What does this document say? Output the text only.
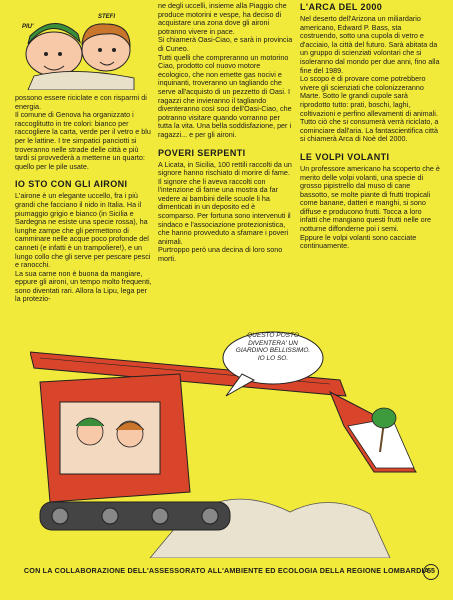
PIU'
STEFI

possono essere riciclate e con risparmi di energia.

Il comune di Genova ha organizzato i raccoglitutto in tre colori: bianco per raccogliere la carta, verde per il vetro e blu per le lattine. I tre simpatici panciotti si troveranno nelle strade delle città e più tardi si provvederà a metterne un quarto: quello per le pile usate.

IO STO CON GLI AIRONI

L'airone è un elegante uccello, fra i più grandi che facciano il nido in Italia. Ha il piumaggio grigio e bianco (in Sicilia e Sardegna ne esiste una specie rossa), ha lunghe zampe che gli permettono di camminare nelle acque poco profonde del canneti (e infatti è un trampoliere!), e un lungo collo che gli serve per pescare pesci e ranocchi.

La sua carne non è buona da mangiare, eppure gli aironi, un tempo molto frequenti, sono diventati rari. Allora la Lipu, lega per la protezio-

ne degli uccelli, insieme alla Piaggio che produce motorini e vespe, ha deciso di acquistare una zona dove gli aironi potranno vivere in pace.

Si chiamerà Oasi-Ciao, e sarà in provincia di Cuneo.

Tutti quelli che compreranno un motorino Ciao, prodotto col nuovo motore ecologico, che non emette gas nocivi e inquinanti, troveranno un tagliando che serve all'acquisto di un pezzetto di Oasi. I ragazzi che invieranno il tagliando diventeranno così soci dell'Oasi-Ciao, che potranno visitare quando vorranno per tutta la vita. Una bella soddisfazione, per i ragazzi... e per gli aironi.

POVERI SERPENTI

A Licata, in Sicilia, 100 rettili raccolti da un signore hanno rischiato di morire di fame. Il signore che li aveva raccolti con l'intenzione di farne una mostra da far vedere ai bambini delle scuole li ha dimenticati in un deposito ed è scomparso. Per fortuna sono intervenuti il sindaco e l'associazione protezionistica, che hanno provveduto a sfamare i poveri animali.

Purtroppo però una decina di loro sono morti.

L'ARCA DEL 2000

Nel deserto dell'Arizona un miliardario americano, Edward P. Bass, sta costruendo, sotto una cupola di vetro e d'acciaio, la città del futuro. Sarà abitata da un gruppo di scienziati volontari che si isoleranno dal mondo per due anni, fino alla fine del 1989.

Lo scopo è di provare come potrebbero vivere gli scienziati che colonizzeranno Marte. Sotto le grandi cupole sarà riprodotto tutto: prati, boschi, laghi, coltivazioni e perfino allevamenti di animali.

Tutto ciò che si consumerà verrà riciclato, a cominciare dall'aria. La fantascientifica città si chiamerà Arca di Noè del 2000.

LE VOLPI VOLANTI

Un professore americano ha scoperto che è merito delle volpi volanti, una specie di grosso pipistrello dal muso di cane bassotto, se molte piante di frutti tropicali come banane, datteri e manghi, si sono diffuse e producono frutti. Tocca a loro infatti che mangiano questi frutti nelle ore notturne diffonderne poi i semi.

Eppure le volpi volanti sono cacciate continuamente.

QUESTO POSTO DIVENTERA' UN GIARDINO BELLISSIMO. IO LO SO.
CON LA COLLABORAZIONE DELL'ASSESSORATO ALL'AMBIENTE ED ECOLOGIA DELLA REGIONE LOMBARDIA
55
